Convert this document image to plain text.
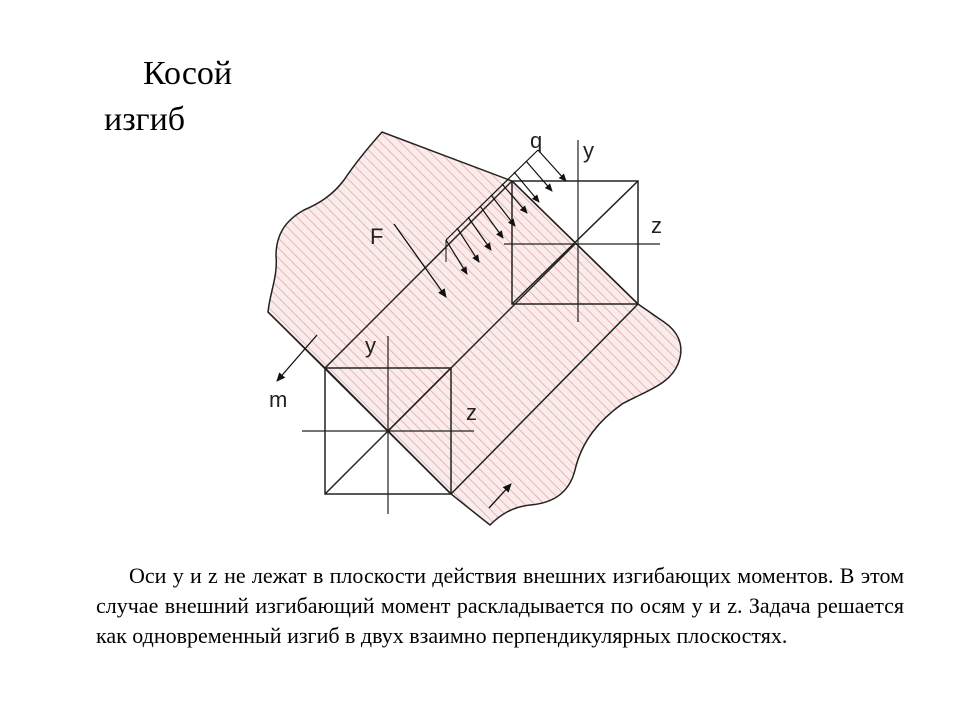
Косой
изгиб
q y
z
F
y
z
m
Оси y и z не лежат в плоскости действия внешних изгибающих моментов. В этом случае внешний изгибающий момент раскладывается по осям y и z. Задача решается как одновременный изгиб в двух взаимно перпендикулярных плоскостях.
